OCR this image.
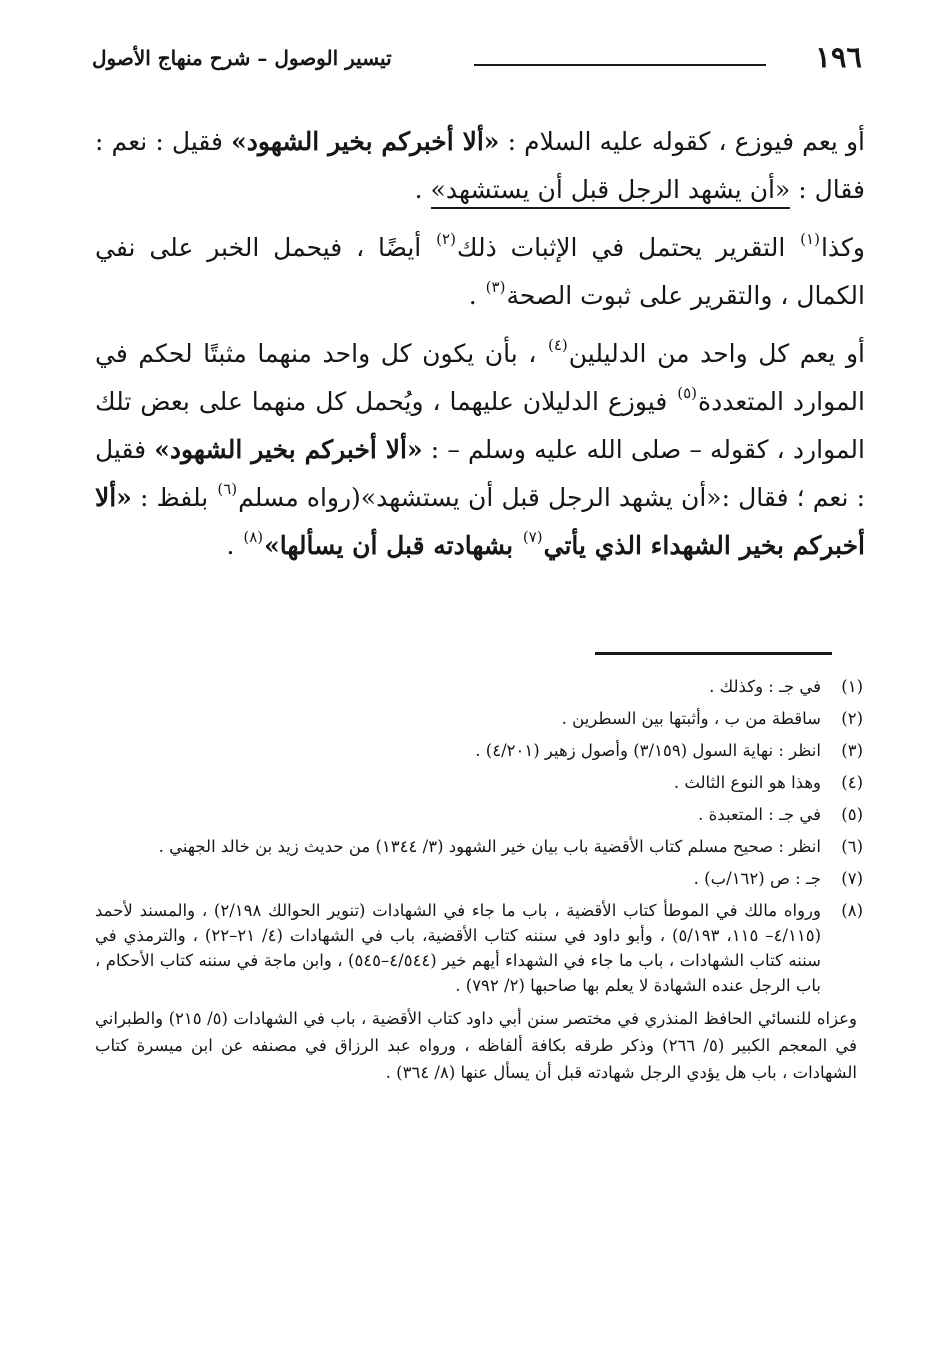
١٩٦
تيسير الوصول – شرح منهاج الأصول

أو يعم فيوزع ، كقوله عليه السلام : «ألا أخبركم بخير الشهود» فقيل : نعم : فقال : «أن يشهد الرجل قبل أن يستشهد» .

وكذا$^{(١)}$ التقرير يحتمل في الإثبات ذلك$^{(٢)}$ أيضًا ، فيحمل الخبر على نفي الكمال ، والتقرير على ثبوت الصحة$^{(٣)}$ .

أو يعم كل واحد من الدليلين$^{(٤)}$ ، بأن يكون كل واحد منهما مثبتًا لحكم في الموارد المتعددة$^{(٥)}$ فيوزع الدليلان عليهما ، ويُحمل كل منهما على بعض تلك الموارد ، كقوله – صلى الله عليه وسلم – : «ألا أخبركم بخير الشهود» فقيل : نعم ؛ فقال :«أن يشهد الرجل قبل أن يستشهد»(رواه مسلم$^{(٦)}$ بلفظ : «ألا أخبركم بخير الشهداء الذي يأتي$^{(٧)}$ بشهادته قبل أن يسألها»$^{(٨)}$ .

(١)
في جـ : وكذلك .
(٢)
ساقطة من ب ، وأثبتها بين السطرين .
(٣)
انظر : نهاية السول (٣/١٥٩) وأصول زهير (٤/٢٠١) .
(٤)
وهذا هو النوع الثالث .
(٥)
في جـ : المتعبدة .
(٦)
انظر : صحيح مسلم كتاب الأقضية باب بيان خير الشهود (٣/ ١٣٤٤) من حديث زيد بن خالد الجهني .
(٧)
جـ : ص (١٦٢/ب) .
(٨)
ورواه مالك في الموطأ كتاب الأقضية ، باب ما جاء في الشهادات (تنوير الحوالك ٢/١٩٨) ، والمسند لأحمد (٤/١١٥– ١١٥، ٥/١٩٣) ، وأبو داود في سننه كتاب الأقضية، باب في الشهادات (٤/ ٢١–٢٢) ، والترمذي في سننه كتاب الشهادات ، باب ما جاء في الشهداء أيهم خير (٤/٥٤٤–٥٤٥) ، وابن ماجة في سننه كتاب الأحكام ، باب الرجل عنده الشهادة لا يعلم بها صاحبها (٢/ ٧٩٢) .

وعزاه للنسائي الحافظ المنذري في مختصر سنن أبي داود كتاب الأقضية ، باب في الشهادات (٥/ ٢١٥) والطبراني في المعجم الكبير (٥/ ٢٦٦) وذكر طرقه بكافة ألفاظه ، ورواه عبد الرزاق في مصنفه عن ابن ميسرة كتاب الشهادات ، باب هل يؤدي الرجل شهادته قبل أن يسأل عنها (٨/ ٣٦٤) .
